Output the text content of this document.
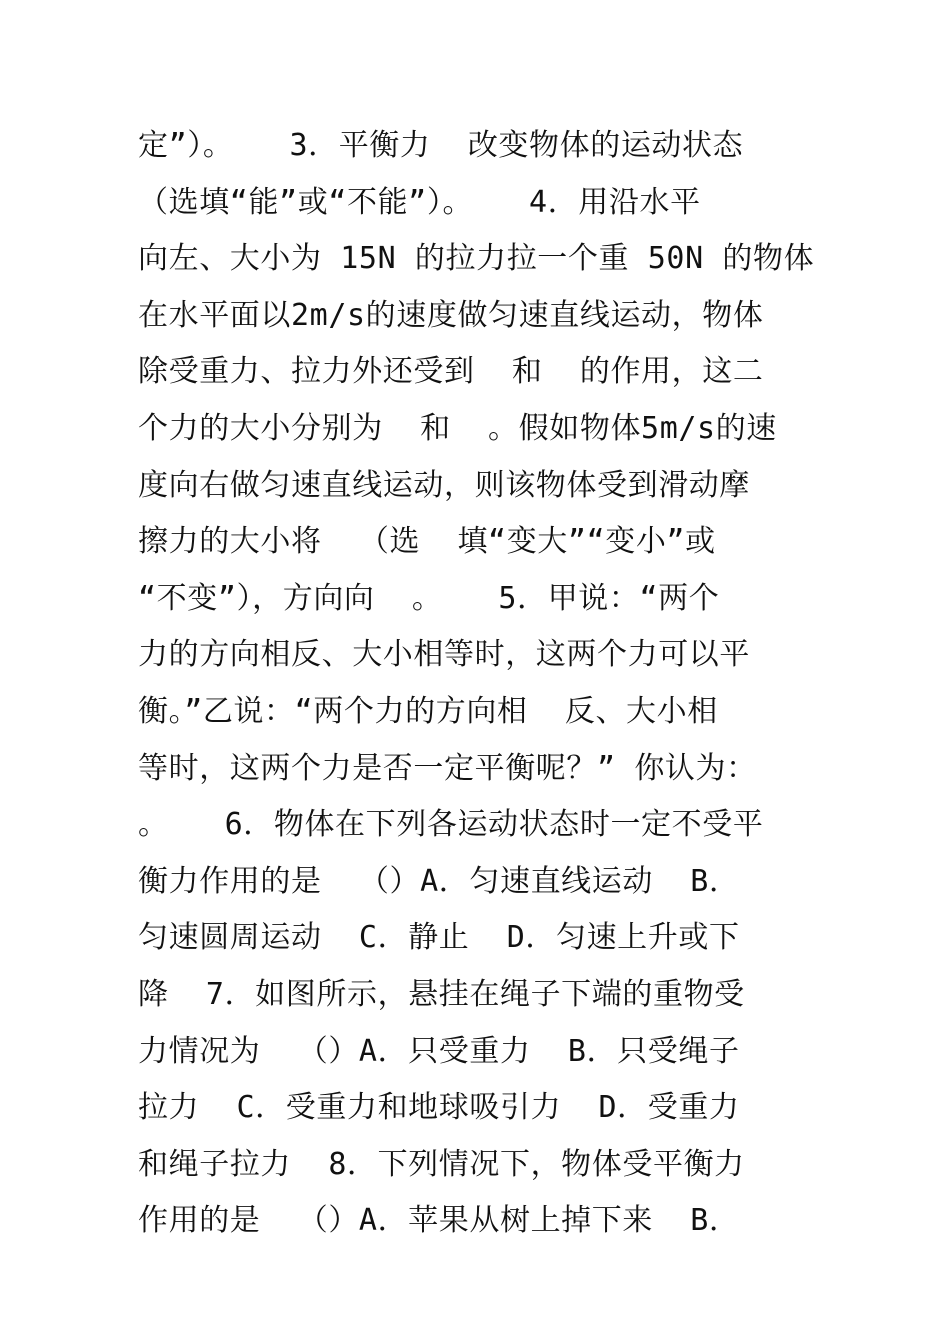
定”）。   3．平衡力  改变物体的运动状态
（选填“能”或“不能”）。   4．用沿水平
向左、大小为 15N 的拉力拉一个重 50N 的物体
在水平面以2m/s的速度做匀速直线运动，物体
除受重力、拉力外还受到  和  的作用，这二
个力的大小分别为  和  。假如物体5m/s的速
度向右做匀速直线运动，则该物体受到滑动摩
擦力的大小将  （选  填“变大”“变小”或
“不变”），方向向  。   5．甲说：“两个
力的方向相反、大小相等时，这两个力可以平
衡。”乙说：“两个力的方向相  反、大小相
等时，这两个力是否一定平衡呢？” 你认为：
。   6．物体在下列各运动状态时一定不受平
衡力作用的是  （）A．匀速直线运动  B．
匀速圆周运动  C．静止  D．匀速上升或下
降  7．如图所示，悬挂在绳子下端的重物受
力情况为  （）A．只受重力  B．只受绳子
拉力  C．受重力和地球吸引力  D．受重力
和绳子拉力  8．下列情况下，物体受平衡力
作用的是  （）A．苹果从树上掉下来  B．
